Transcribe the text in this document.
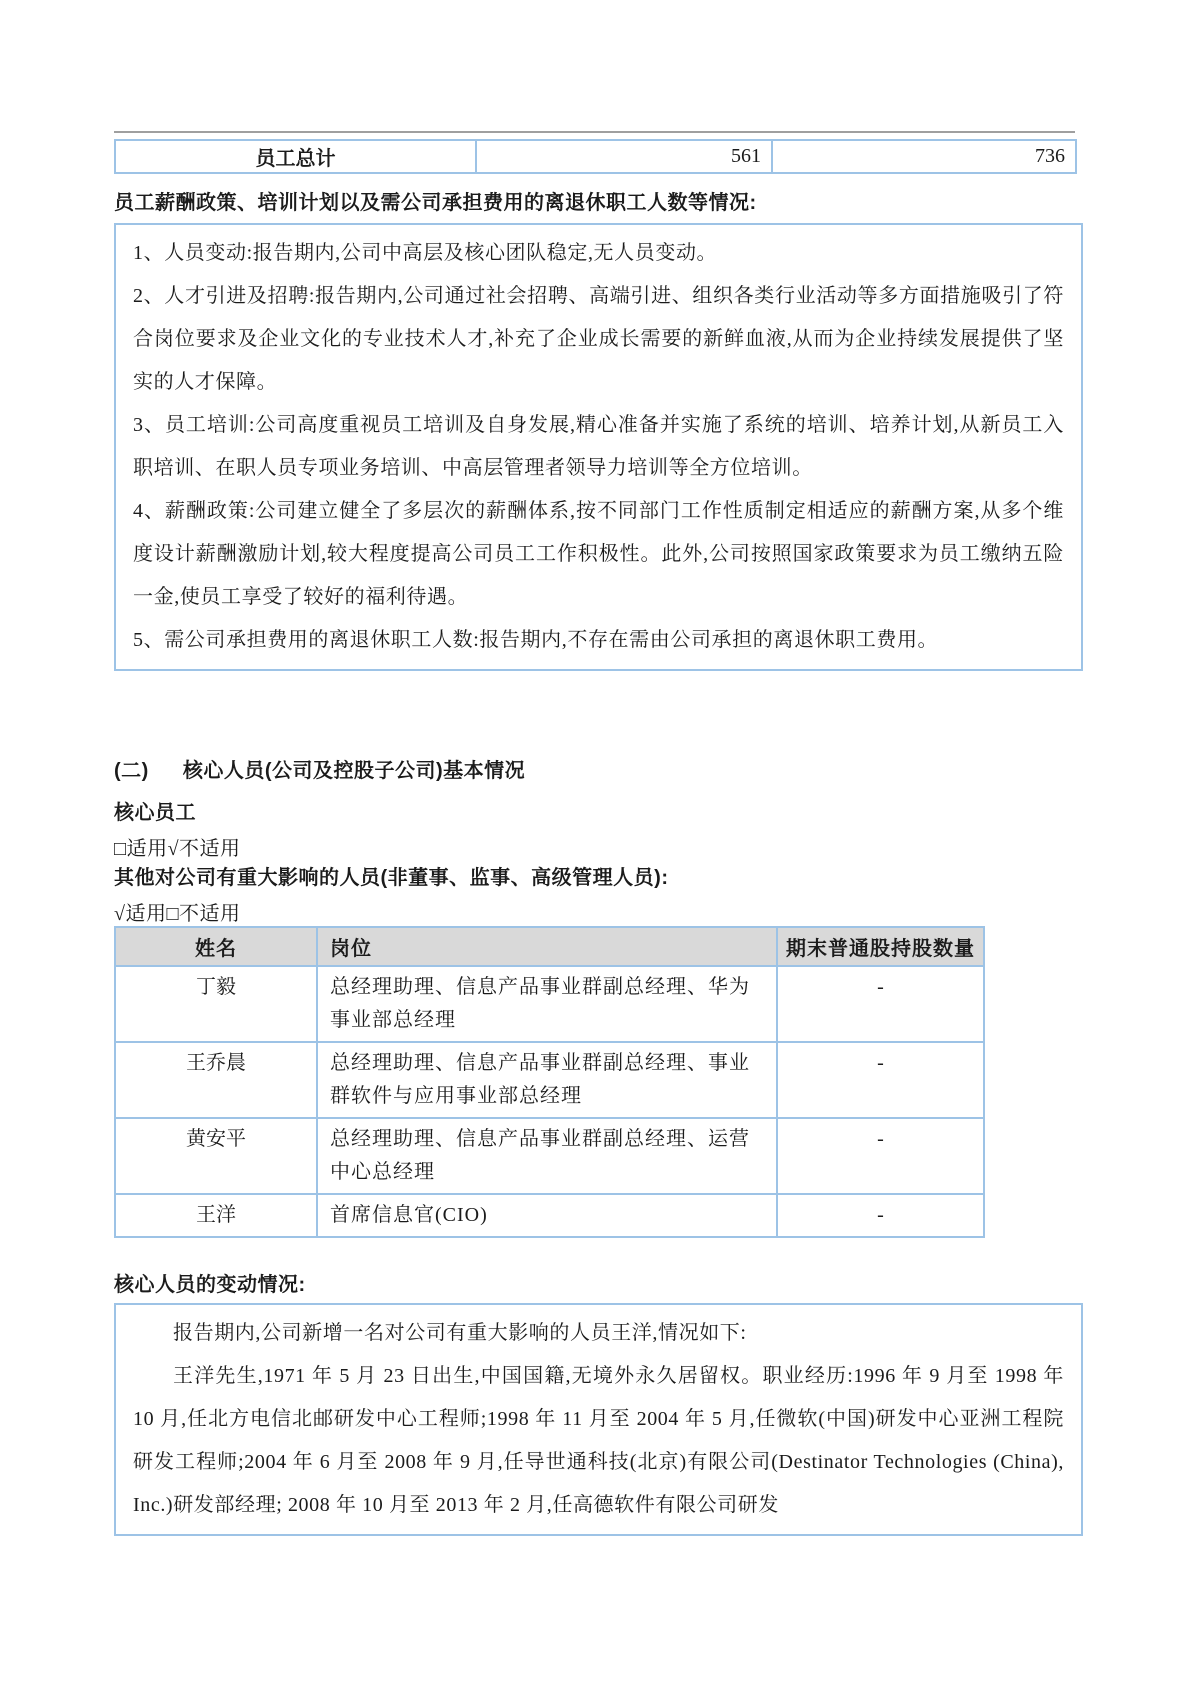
员工总计	561	736
员工薪酬政策、培训计划以及需公司承担费用的离退休职工人数等情况:

1、人员变动:报告期内,公司中高层及核心团队稳定,无人员变动。

2、人才引进及招聘:报告期内,公司通过社会招聘、高端引进、组织各类行业活动等多方面措施吸引了符合岗位要求及企业文化的专业技术人才,补充了企业成长需要的新鲜血液,从而为企业持续发展提供了坚实的人才保障。

3、员工培训:公司高度重视员工培训及自身发展,精心准备并实施了系统的培训、培养计划,从新员工入职培训、在职人员专项业务培训、中高层管理者领导力培训等全方位培训。

4、薪酬政策:公司建立健全了多层次的薪酬体系,按不同部门工作性质制定相适应的薪酬方案,从多个维度设计薪酬激励计划,较大程度提高公司员工工作积极性。此外,公司按照国家政策要求为员工缴纳五险一金,使员工享受了较好的福利待遇。

5、需公司承担费用的离退休职工人数:报告期内,不存在需由公司承担的离退休职工费用。

(二) 核心人员(公司及控股子公司)基本情况
核心员工
□适用√不适用
其他对公司有重大影响的人员(非董事、监事、高级管理人员):
√适用□不适用
姓名	岗位	期末普通股持股数量
丁毅	总经理助理、信息产品事业群副总经理、华为事业部总经理	-
王乔晨	总经理助理、信息产品事业群副总经理、事业群软件与应用事业部总经理	-
黄安平	总经理助理、信息产品事业群副总经理、运营中心总经理	-
王洋	首席信息官(CIO)	-
核心人员的变动情况:

报告期内,公司新增一名对公司有重大影响的人员王洋,情况如下:

王洋先生,1971 年 5 月 23 日出生,中国国籍,无境外永久居留权。职业经历:1996 年 9 月至 1998 年 10 月,任北方电信北邮研发中心工程师;1998 年 11 月至 2004 年 5 月,任微软(中国)研发中心亚洲工程院研发工程师;2004 年 6 月至 2008 年 9 月,任导世通科技(北京)有限公司(Destinator Technologies (China), Inc.)研发部经理; 2008 年 10 月至 2013 年 2 月,任高德软件有限公司研发
